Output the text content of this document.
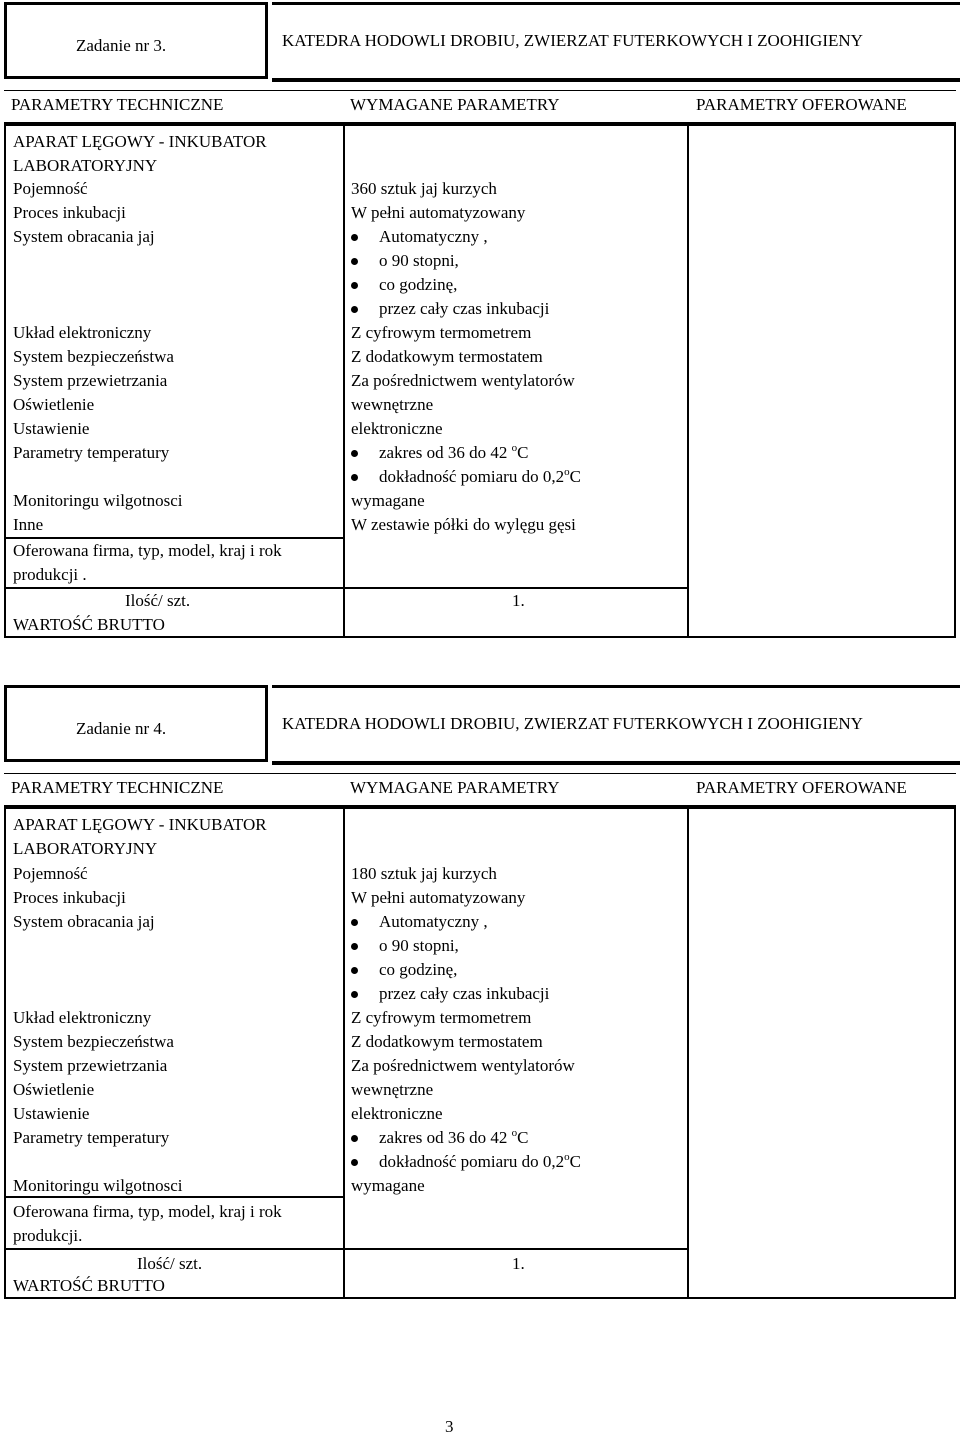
Zadanie nr 3.	KATEDRA HODOWLI DROBIU, ZWIERZAT FUTERKOWYCH I ZOOHIGIENY
PARAMETRY TECHNICZNE	WYMAGANE PARAMETRY	PARAMETRY OFEROWANE
APARAT LĘGOWY - INKUBATOR LABORATORYJNY
Pojemność	360 sztuk jaj kurzych
Proces inkubacji	W pełni automatyzowany
System obracania jaj	Automatyczny ,
o 90 stopni,
co godzinę,
przez cały czas inkubacji
Układ elektroniczny	Z cyfrowym termometrem
System bezpieczeństwa	Z dodatkowym termostatem
System przewietrzania	Za pośrednictwem wentylatorów
Oświetlenie	wewnętrzne
Ustawienie	elektroniczne
Parametry temperatury	zakres od 36 do 42 $^o$C
dokładność pomiaru do 0,2$^o$C
Monitoringu wilgotnosci	wymagane
Inne	W zestawie półki do wylęgu gęsi
Oferowana firma, typ, model, kraj i rok produkcji .
Ilość/ szt.	1.
WARTOŚĆ BRUTTO
Zadanie nr 4.	KATEDRA HODOWLI DROBIU, ZWIERZAT FUTERKOWYCH I ZOOHIGIENY
PARAMETRY TECHNICZNE	WYMAGANE PARAMETRY	PARAMETRY OFEROWANE
APARAT LĘGOWY - INKUBATOR LABORATORYJNY
Pojemność	180 sztuk jaj kurzych
Proces inkubacji	W pełni automatyzowany
System obracania jaj	Automatyczny ,
o 90 stopni,
co godzinę,
przez cały czas inkubacji
Układ elektroniczny	Z cyfrowym termometrem
System bezpieczeństwa	Z dodatkowym termostatem
System przewietrzania	Za pośrednictwem wentylatorów
Oświetlenie	wewnętrzne
Ustawienie	elektroniczne
Parametry temperatury	zakres od 36 do 42 $^o$C
dokładność pomiaru do 0,2$^o$C
Monitoringu wilgotnosci	wymagane
Oferowana firma, typ, model, kraj i rok produkcji.
Ilość/ szt.	1.
WARTOŚĆ BRUTTO
3
